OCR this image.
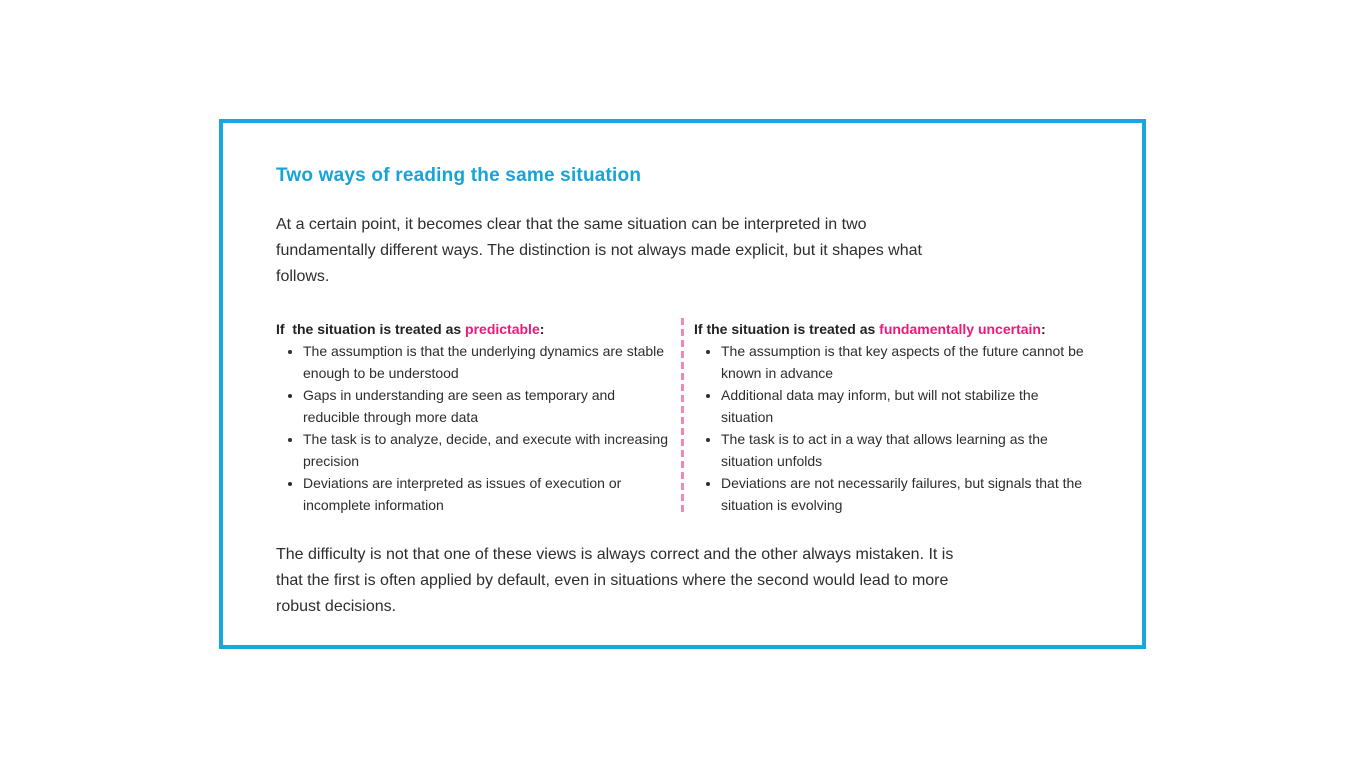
Two ways of reading the same situation
At a certain point, it becomes clear that the same situation can be interpreted in two
fundamentally different ways. The distinction is not always made explicit, but it shapes what
follows.
If  the situation is treated as predictable:
• The assumption is that the underlying dynamics are stable enough to be understood
• Gaps in understanding are seen as temporary and reducible through more data
• The task is to analyze, decide, and execute with increasing precision
• Deviations are interpreted as issues of execution or incomplete information
If the situation is treated as fundamentally uncertain:
• The assumption is that key aspects of the future cannot be known in advance
• Additional data may inform, but will not stabilize the situation
• The task is to act in a way that allows learning as the situation unfolds
• Deviations are not necessarily failures, but signals that the situation is evolving
The difficulty is not that one of these views is always correct and the other always mistaken. It is
that the first is often applied by default, even in situations where the second would lead to more
robust decisions.
